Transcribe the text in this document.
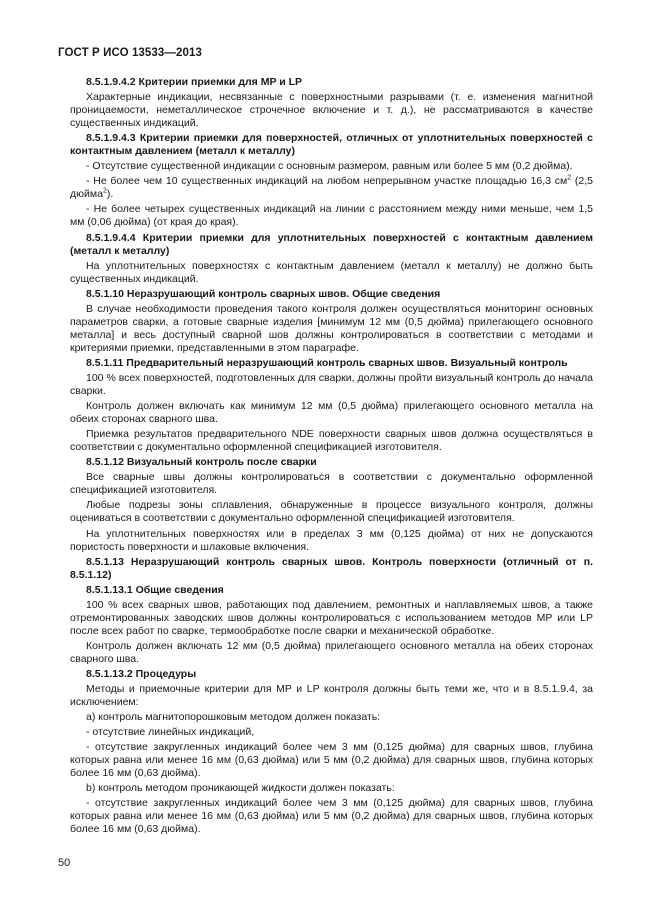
ГОСТ Р ИСО 13533—2013

8.5.1.9.4.2 Критерии приемки для MP и LP

Характерные индикации, несвязанные с поверхностными разрывами (т. е. изменения магнитной проницаемости, неметаллическое строчечное включение и т. д.), не рассматриваются в качестве существенных индикаций.

8.5.1.9.4.3 Критерии приемки для поверхностей, отличных от уплотнительных поверхностей с контактным давлением (металл к металлу)

- Отсутствие существенной индикации с основным размером, равным или более 5 мм (0,2 дюйма).

- Не более чем 10 существенных индикаций на любом непрерывном участке площадью 16,3 $см^2$ (2,5 дюйма$^2$).

- Не более четырех существенных индикаций на линии с расстоянием между ними меньше, чем 1,5 мм (0,06 дюйма) (от края до края).

8.5.1.9.4.4 Критерии приемки для уплотнительных поверхностей с контактным давлением (металл к металлу)

На уплотнительных поверхностях с контактным давлением (металл к металлу) не должно быть существенных индикаций.

8.5.1.10 Неразрушающий контроль сварных швов. Общие сведения

В случае необходимости проведения такого контроля должен осуществляться мониторинг основных параметров сварки, а готовые сварные изделия [минимум 12 мм (0,5 дюйма) прилегающего основного металла] и весь доступный сварной шов должны контролироваться в соответствии с методами и критериями приемки, представленными в этом параграфе.

8.5.1.11 Предварительный неразрушающий контроль сварных швов. Визуальный контроль

100 % всех поверхностей, подготовленных для сварки, должны пройти визуальный контроль до начала сварки.

Контроль должен включать как минимум 12 мм (0,5 дюйма) прилегающего основного металла на обеих сторонах сварного шва.

Приемка результатов предварительного NDE поверхности сварных швов должна осуществляться в соответствии с документально оформленной спецификацией изготовителя.

8.5.1.12 Визуальный контроль после сварки

Все сварные швы должны контролироваться в соответствии с документально оформленной спецификацией изготовителя.

Любые подрезы зоны сплавления, обнаруженные в процессе визуального контроля, должны оцениваться в соответствии с документально оформленной спецификацией изготовителя.

На уплотнительных поверхностях или в пределах 3 мм (0,125 дюйма) от них не допускаются пористость поверхности и шлаковые включения.

8.5.1.13 Неразрушающий контроль сварных швов. Контроль поверхности (отличный от п. 8.5.1.12)

8.5.1.13.1 Общие сведения

100 % всех сварных швов, работающих под давлением, ремонтных и наплавляемых швов, а также отремонтированных заводских швов должны контролироваться с использованием методов MP или LP после всех работ по сварке, термообработке после сварки и механической обработке.

Контроль должен включать 12 мм (0,5 дюйма) прилегающего основного металла на обеих сторонах сварного шва.

8.5.1.13.2 Процедуры

Методы и приемочные критерии для MP и LP контроля должны быть теми же, что и в 8.5.1.9.4, за исключением:

а) контроль магнитопорошковым методом должен показать:

- отсутствие линейных индикаций,

- отсутствие закругленных индикаций более чем 3 мм (0,125 дюйма) для сварных швов, глубина которых равна или менее 16 мм (0,63 дюйма) или 5 мм (0,2 дюйма) для сварных швов, глубина которых более 16 мм (0,63 дюйма).

b) контроль методом проникающей жидкости должен показать:

- отсутствие закругленных индикаций более чем 3 мм (0,125 дюйма) для сварных швов, глубина которых равна или менее 16 мм (0,63 дюйма) или 5 мм (0,2 дюйма) для сварных швов, глубина которых более 16 мм (0,63 дюйма).

50
